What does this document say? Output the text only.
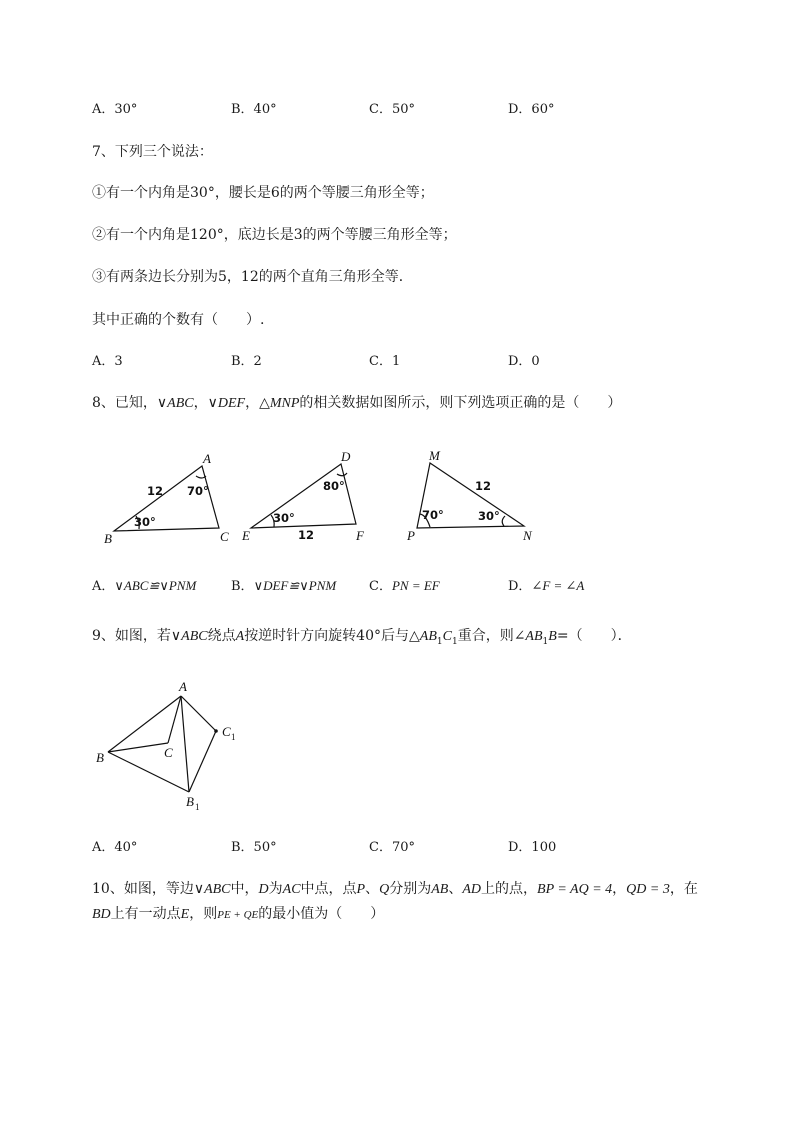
A．30°	B．40°	C．50°	D．60°
7、下列三个说法：
①有一个内角是30°，腰长是6的两个等腰三角形全等；
②有一个内角是120°，底边长是3的两个等腰三角形全等；
③有两条边长分别为5，12的两个直角三角形全等．
其中正确的个数有（　　）.
A．3	B．2	C．1	D．0
8、已知，∨ABC，∨DEF，△MNP的相关数据如图所示，则下列选项正确的是（　　）
B
A
C
12 70°
30°
E
D
F
12
80°
30°
M
P	N
12
70°	30°
A．∨ABC≌∨PNM	B．∨DEF≌∨PNM	C．PN = EF	D．∠F = ∠A
9、如图，若∨ABC绕点A按逆时针方向旋转40°后与$\triangle AB_1C_1$重合，则$\angle AB_1B=$（　　）．
A
B	C
C 1
B 1
A．40°	B．50°	C．70°	D．100
10、如图，等边∨ABC中，D为AC中点，点P、Q分别为AB、AD上的点，BP = AQ = 4，QD = 3，在
BD上有一动点E，则PE + QE的最小值为（　　）
